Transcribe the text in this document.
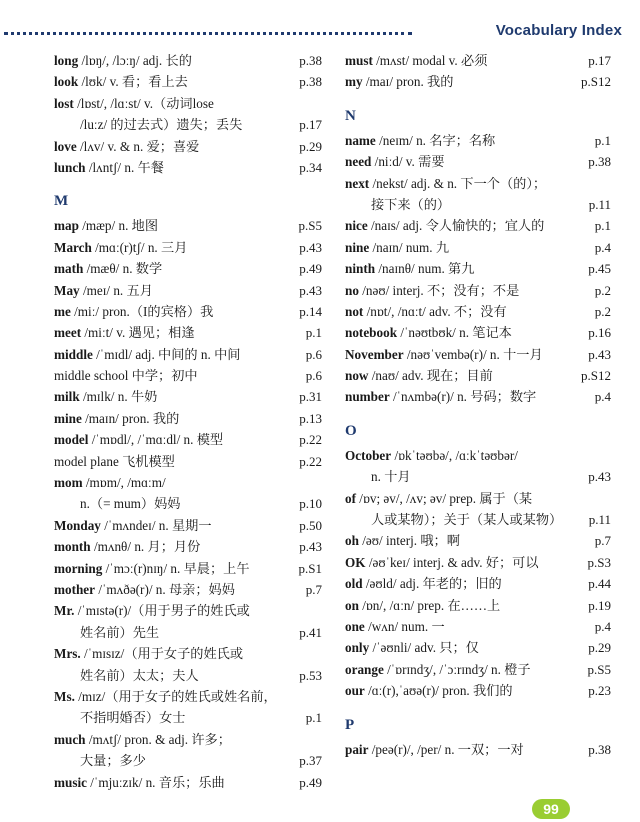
Vocabulary Index
long /lɒŋ/, /lɔːŋ/ adj. 长的	p.38
look /lʊk/ v. 看；看上去	p.38
lost /lɒst/, /lɑːst/ v.（动词lose
/luːz/ 的过去式）遗失；丢失	p.17
love /lʌv/ v. & n. 爱；喜爱	p.29
lunch /lʌntʃ/ n. 午餐	p.34
M
map /mæp/ n. 地图	p.S5
March /mɑː(r)tʃ/ n. 三月	p.43
math /mæθ/ n. 数学	p.49
May /meɪ/ n. 五月	p.43
me /miː/ pron.（I的宾格）我	p.14
meet /miːt/ v. 遇见；相逢	p.1
middle /ˈmɪdl/ adj. 中间的 n. 中间	p.6
middle school 中学；初中	p.6
milk /mɪlk/ n. 牛奶	p.31
mine /maɪn/ pron. 我的	p.13
model /ˈmɒdl/, /ˈmɑːdl/ n. 模型	p.22
model plane 飞机模型	p.22
mom /mɒm/, /mɑːm/
n.（= mum）妈妈	p.10
Monday /ˈmʌndeɪ/ n. 星期一	p.50
month /mʌnθ/ n. 月；月份	p.43
morning /ˈmɔː(r)nɪŋ/ n. 早晨；上午	p.S1
mother /ˈmʌðə(r)/ n. 母亲；妈妈	p.7
Mr. /ˈmɪstə(r)/（用于男子的姓氏或
姓名前）先生	p.41
Mrs. /ˈmɪsɪz/（用于女子的姓氏或
姓名前）太太；夫人	p.53
Ms. /mɪz/（用于女子的姓氏或姓名前，
不指明婚否）女士	p.1
much /mʌtʃ/ pron. & adj. 许多；
大量；多少	p.37
music /ˈmjuːzɪk/ n. 音乐；乐曲	p.49
must /mʌst/ modal v. 必须	p.17
my /maɪ/ pron. 我的	p.S12
N
name /neɪm/ n. 名字；名称	p.1
need /niːd/ v. 需要	p.38
next /nekst/ adj. & n. 下一个（的）；
接下来（的）	p.11
nice /naɪs/ adj. 令人愉快的；宜人的	p.1
nine /naɪn/ num. 九	p.4
ninth /naɪnθ/ num. 第九	p.45
no /nəʊ/ interj. 不；没有；不是	p.2
not /nɒt/, /nɑːt/ adv. 不；没有	p.2
notebook /ˈnəʊtbʊk/ n. 笔记本	p.16
November /nəʊˈvembə(r)/ n. 十一月	p.43
now /naʊ/ adv. 现在；目前	p.S12
number /ˈnʌmbə(r)/ n. 号码；数字	p.4
O
October /ɒkˈtəʊbə/, /ɑːkˈtəʊbər/
n. 十月	p.43
of /ɒv; əv/, /ʌv; əv/ prep. 属于（某
人或某物）；关于（某人或某物） p.11
oh /əʊ/ interj. 哦；啊	p.7
OK /əʊˈkeɪ/ interj. & adv. 好；可以	p.S3
old /əʊld/ adj. 年老的；旧的	p.44
on /ɒn/, /ɑːn/ prep. 在……上	p.19
one /wʌn/ num. 一	p.4
only /ˈəʊnli/ adv. 只；仅	p.29
orange /ˈɒrɪndʒ/, /ˈɔːrɪndʒ/ n. 橙子	p.S5
our /ɑː(r),ˈaʊə(r)/ pron. 我们的	p.23
P
pair /peə(r)/, /per/ n. 一双；一对	p.38
99
